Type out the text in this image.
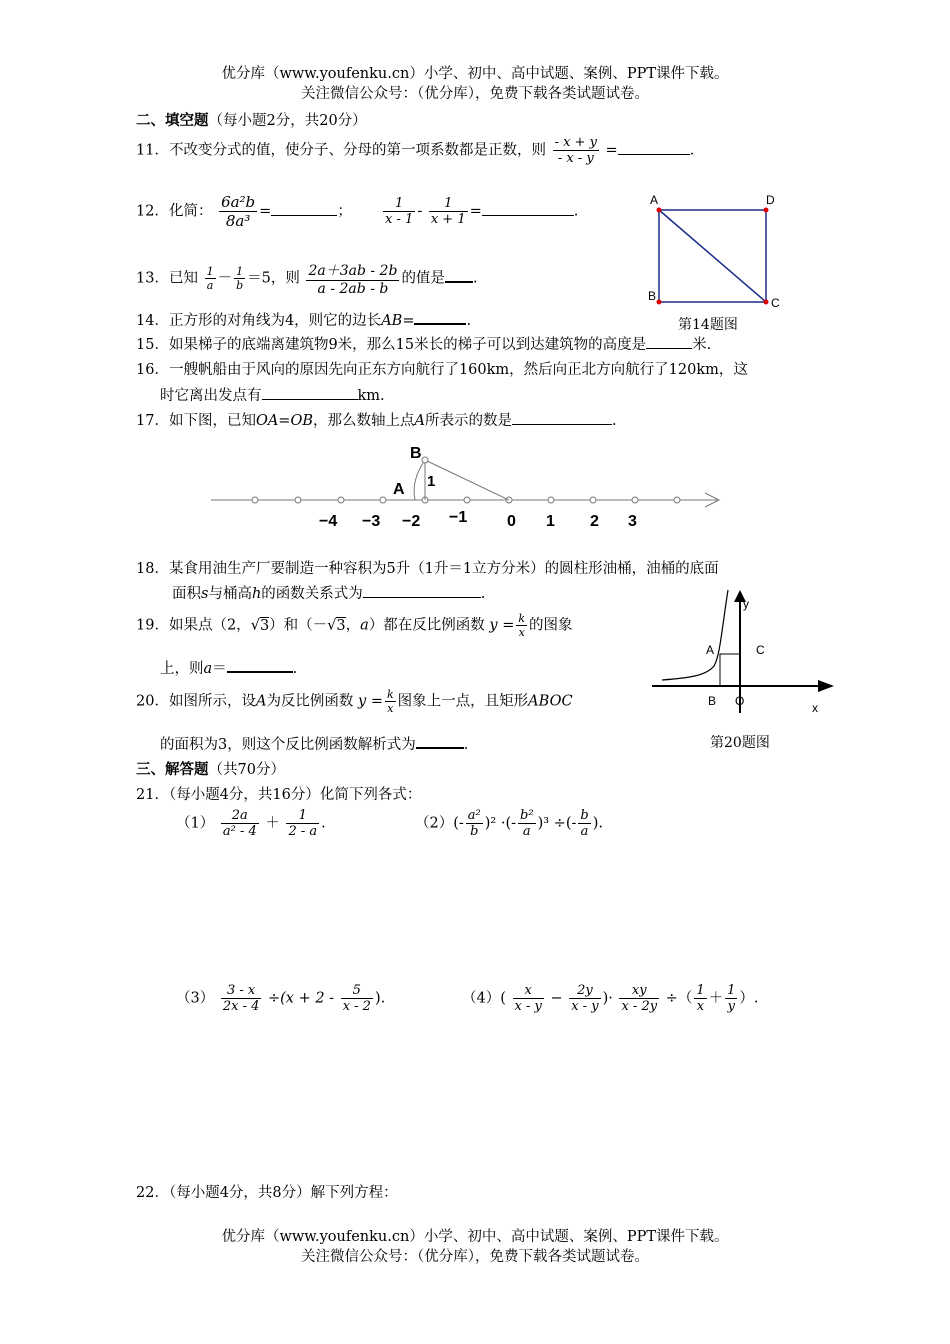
优分库（www.youfenku.cn）小学、初中、高中试题、案例、PPT课件下载。
关注微信公众号：（优分库），免费下载各类试题试卷。
二、填空题（每小题2分，共20分）
11．不改变分式的值，使分子、分母的第一项系数都是正数，则 $\frac{- x + y}{- x - y}$ =	．
12．化简： $\frac{\text{6a²b}}{\text{8a³}}$ =	； $\frac{1}{x - 1} - \frac{1}{x + 1}$ =	.
13．已知 $\frac{1}{a} - \frac{1}{b} =5$，则 $\frac{2a+3ab - 2b}{a - 2ab - b}$ 的值是 .
14．正方形的对角线为4，则它的边长AB=	.
15．如果梯子的底端离建筑物9米，那么15米长的梯子可以到达建筑物的高度是	米.
16．一艘帆船由于风向的原因先向正东方向航行了160km，然后向正北方向航行了120km，这
时它离出发点有	km.
17．如下图，已知OA=OB，那么数轴上点A所表示的数是	.
A	D
B	C
第14题图
B
A 1
−4 −3 −2 −1 0 1 2 3
18．某食用油生产厂要制造一种容积为5升（1升＝1立方分米）的圆柱形油桶，油桶的底面
面积s与桶高h的函数关系式为	.
19．如果点（2，√3）和（－√3，a）都在反比例函数 $y = \frac{k}{x}$ 的图象
上，则a＝	.
20．如图所示，设A为反比例函数 $y = \frac{k}{x}$ 图象上一点，且矩形ABOC
的面积为3，则这个反比例函数解析式为	.
y
A	C
B O	x
第20题图
三、解答题（共70分）
21．（每小题4分，共16分）化简下列各式：
$(1) \frac{2a}{\text{a² - 4}} + \frac{1}{2 - a}$ .	$(2)(- \frac{\text{a²}}{b} )^2$ ·(- $\frac{\text{b²}}{a} )^3$ ÷(- $\frac{b}{a}$ ).
$(3) \frac{3 - x}{2x - 4} \div(x + 2 - \frac{5}{x - 2}$ ).	$(4)( \frac{x}{x - y} - \frac{2y}{x - y}$ )· $\frac{xy}{x - 2y}$ ÷（ $\frac{1}{x} + \frac{1}{y}$ ）.
22．（每小题4分，共8分）解下列方程：
优分库（www.youfenku.cn）小学、初中、高中试题、案例、PPT课件下载。
关注微信公众号：（优分库），免费下载各类试题试卷。
